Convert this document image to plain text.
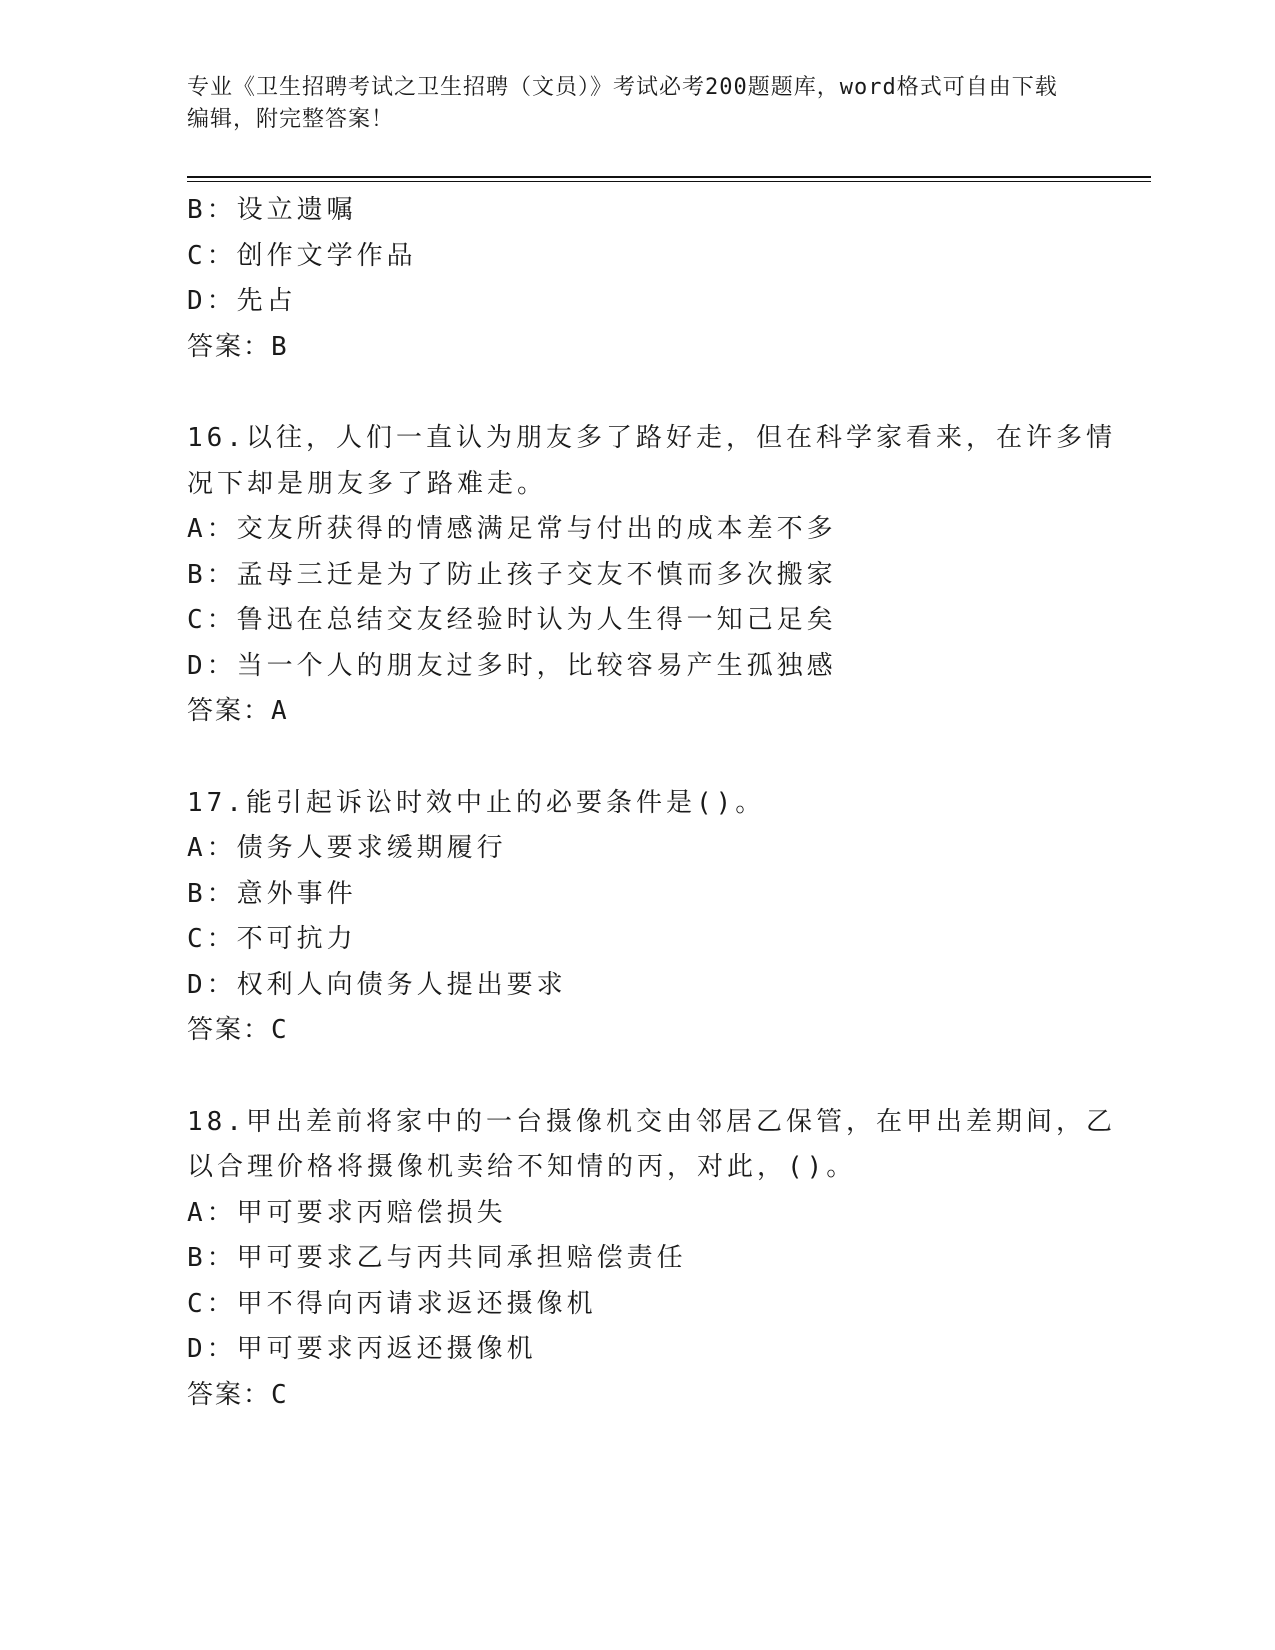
专业《卫生招聘考试之卫生招聘（文员）》考试必考200题题库，word格式可自由下载编辑，附完整答案！

B：设立遗嘱

C：创作文学作品

D：先占

答案：B

16.以往，人们一直认为朋友多了路好走，但在科学家看来，在许多情

况下却是朋友多了路难走。

A：交友所获得的情感满足常与付出的成本差不多

B：孟母三迁是为了防止孩子交友不慎而多次搬家

C：鲁迅在总结交友经验时认为人生得一知己足矣

D：当一个人的朋友过多时，比较容易产生孤独感

答案：A

17.能引起诉讼时效中止的必要条件是()。

A：债务人要求缓期履行

B：意外事件

C：不可抗力

D：权利人向债务人提出要求

答案：C

18.甲出差前将家中的一台摄像机交由邻居乙保管，在甲出差期间，乙

以合理价格将摄像机卖给不知情的丙，对此，()。

A：甲可要求丙赔偿损失

B：甲可要求乙与丙共同承担赔偿责任

C：甲不得向丙请求返还摄像机

D：甲可要求丙返还摄像机

答案：C
